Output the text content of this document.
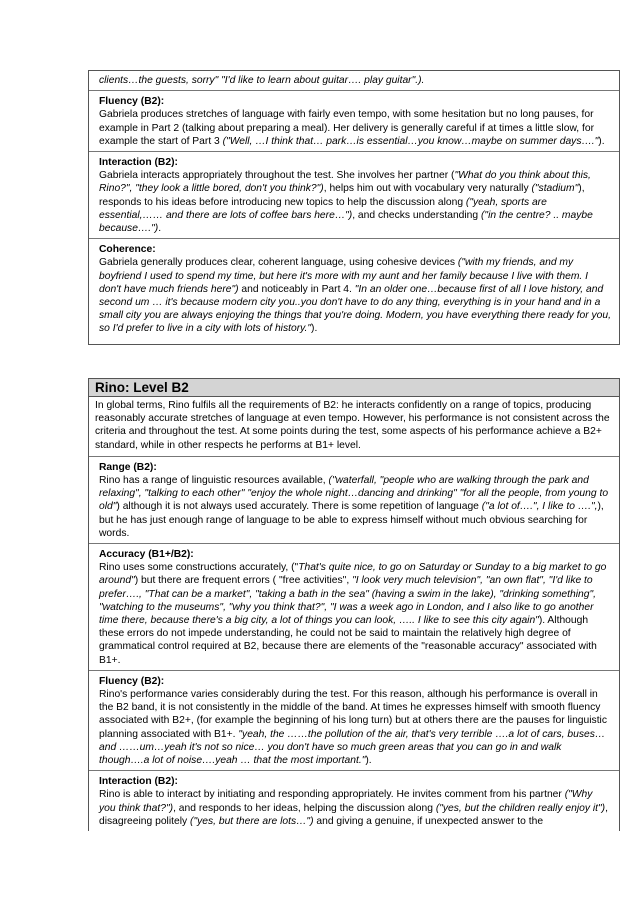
clients…the guests, sorry" "I'd like to learn about guitar…. play guitar".).
Fluency (B2):
Gabriela produces stretches of language with fairly even tempo, with some hesitation but no long pauses, for example in Part 2 (talking about preparing a meal). Her delivery is generally careful if at times a little slow, for example the start of Part 3 ("Well, …I think that… park…is essential…you know…maybe on summer days….").
Interaction (B2):
Gabriela interacts appropriately throughout the test. She involves her partner ("What do you think about this, Rino?", "they look a little bored, don't you think?"), helps him out with vocabulary very naturally ("stadium"), responds to his ideas before introducing new topics to help the discussion along ("yeah, sports are essential,…… and there are lots of coffee bars here…"), and checks understanding ("in the centre? .. maybe because….").
Coherence:
Gabriela generally produces clear, coherent language, using cohesive devices ("with my friends, and my boyfriend I used to spend my time, but here it's more with my aunt and her family because I live with them. I don't have much friends here") and noticeably in Part 4. "In an older one…because first of all I love history, and second um … it's because modern city you..you don't have to do any thing, everything is in your hand and in a small city you are always enjoying the things that you're doing. Modern, you have everything there ready for you, so I'd prefer to live in a city with lots of history.").
Rino: Level B2
In global terms, Rino fulfils all the requirements of B2: he interacts confidently on a range of topics, producing reasonably accurate stretches of language at even tempo. However, his performance is not consistent across the criteria and throughout the test. At some points during the test, some aspects of his performance achieve a B2+ standard, while in other respects he performs at B1+ level.
Range (B2):
Rino has a range of linguistic resources available, ("waterfall, "people who are walking through the park and relaxing", "talking to each other" "enjoy the whole night…dancing and drinking" "for all the people, from young to old") although it is not always used accurately. There is some repetition of language ("a lot of….", I like to ….",), but he has just enough range of language to be able to express himself without much obvious searching for words.
Accuracy (B1+/B2):
Rino uses some constructions accurately, ("That's quite nice, to go on Saturday or Sunday to a big market to go around") but there are frequent errors ( "free activities", "I look very much television", "an own flat", "I'd like to prefer…., "That can be a market", "taking a bath in the sea" (having a swim in the lake), "drinking something", "watching to the museums", "why you think that?", "I was a week ago in London, and I also like to go another time there, because there's a big city, a lot of things you can look, ….. I like to see this city again"). Although these errors do not impede understanding, he could not be said to maintain the relatively high degree of grammatical control required at B2, because there are elements of the "reasonable accuracy" associated with B1+.
Fluency (B2):
Rino's performance varies considerably during the test. For this reason, although his performance is overall in the B2 band, it is not consistently in the middle of the band. At times he expresses himself with smooth fluency associated with B2+, (for example the beginning of his long turn) but at others there are the pauses for linguistic planning associated with B1+. "yeah, the ……the pollution of the air, that's very terrible ….a lot of cars, buses…and ……um…yeah it's not so nice… you don't have so much green areas that you can go in and walk though….a lot of noise….yeah … that the most important.").
Interaction (B2):
Rino is able to interact by initiating and responding appropriately. He invites comment from his partner ("Why you think that?"), and responds to her ideas, helping the discussion along ("yes, but the children really enjoy it"), disagreeing politely ("yes, but there are lots…") and giving a genuine, if unexpected answer to the
